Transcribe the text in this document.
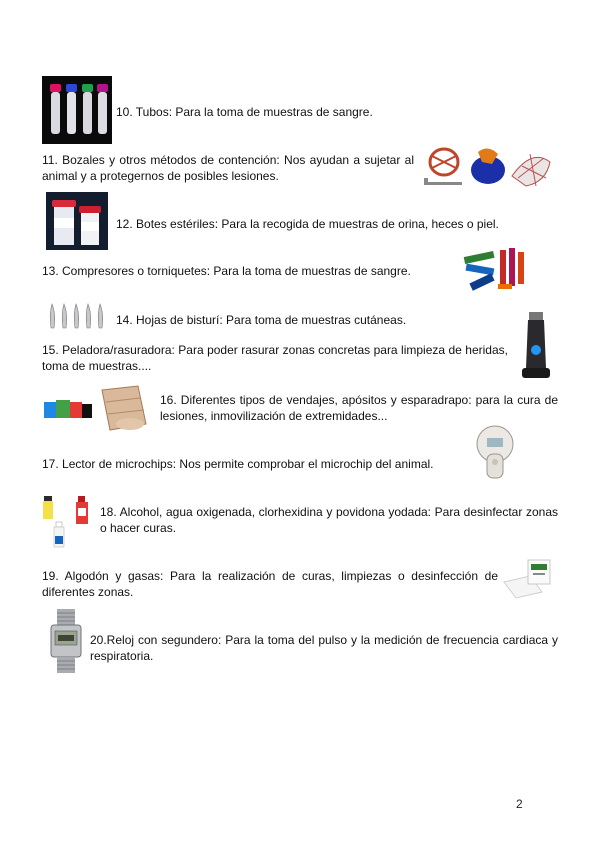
10. Tubos: Para la toma de muestras de sangre.
11. Bozales y otros métodos de contención: Nos ayudan a sujetar al animal y a protegernos de posibles lesiones.
12. Botes estériles: Para la recogida de muestras de orina, heces o piel.
13. Compresores o torniquetes: Para la toma de muestras de sangre.
14. Hojas de bisturí: Para toma de muestras cutáneas.
15. Peladora/rasuradora: Para poder rasurar zonas concretas para limpieza de heridas, toma de muestras....
16. Diferentes tipos de vendajes, apósitos y esparadrapo: para la cura de lesiones, inmovilización de extremidades...
17. Lector de microchips: Nos permite comprobar el microchip del animal.
18. Alcohol, agua oxigenada, clorhexidina y povidona yodada: Para desinfectar zonas o hacer curas.
19. Algodón y gasas: Para la realización de curas, limpiezas o desinfección de diferentes zonas.
20.Reloj con segundero: Para la toma del pulso y la medición de frecuencia cardiaca y respiratoria.
2
